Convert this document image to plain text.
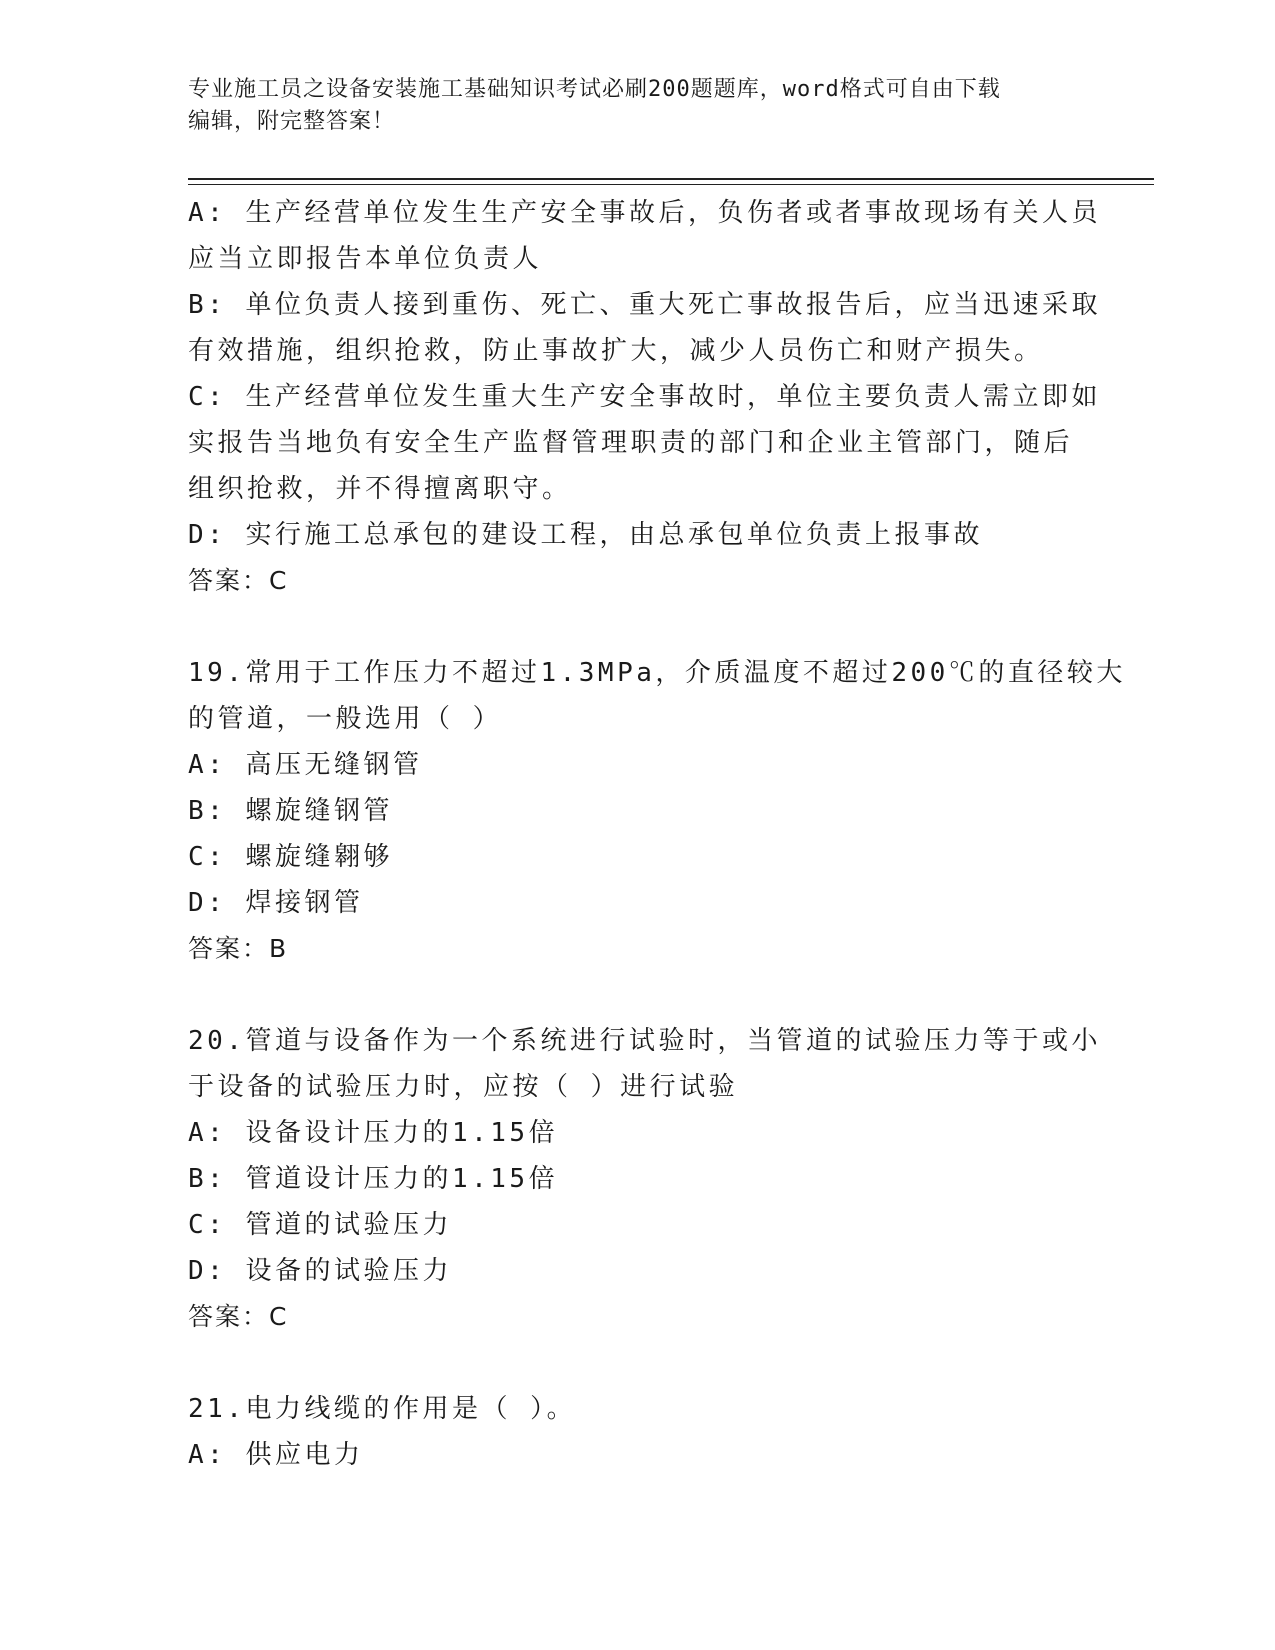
专业施工员之设备安装施工基础知识考试必刷200题题库，word格式可自由下载
编辑，附完整答案！
A: 生产经营单位发生生产安全事故后，负伤者或者事故现场有关人员
应当立即报告本单位负责人
B: 单位负责人接到重伤、死亡、重大死亡事故报告后，应当迅速采取
有效措施，组织抢救，防止事故扩大，减少人员伤亡和财产损失。
C: 生产经营单位发生重大生产安全事故时，单位主要负责人需立即如
实报告当地负有安全生产监督管理职责的部门和企业主管部门，随后
组织抢救，并不得擅离职守。
D: 实行施工总承包的建设工程，由总承包单位负责上报事故
答案：C
19.常用于工作压力不超过1.3MPa，介质温度不超过200℃的直径较大
的管道，一般选用（ ）
A: 高压无缝钢管
B: 螺旋缝钢管
C: 螺旋缝翱够
D: 焊接钢管
答案：B
20.管道与设备作为一个系统进行试验时，当管道的试验压力等于或小
于设备的试验压力时，应按（ ）进行试验
A: 设备设计压力的1.15倍
B: 管道设计压力的1.15倍
C: 管道的试验压力
D: 设备的试验压力
答案：C
21.电力线缆的作用是（ ）。
A: 供应电力
